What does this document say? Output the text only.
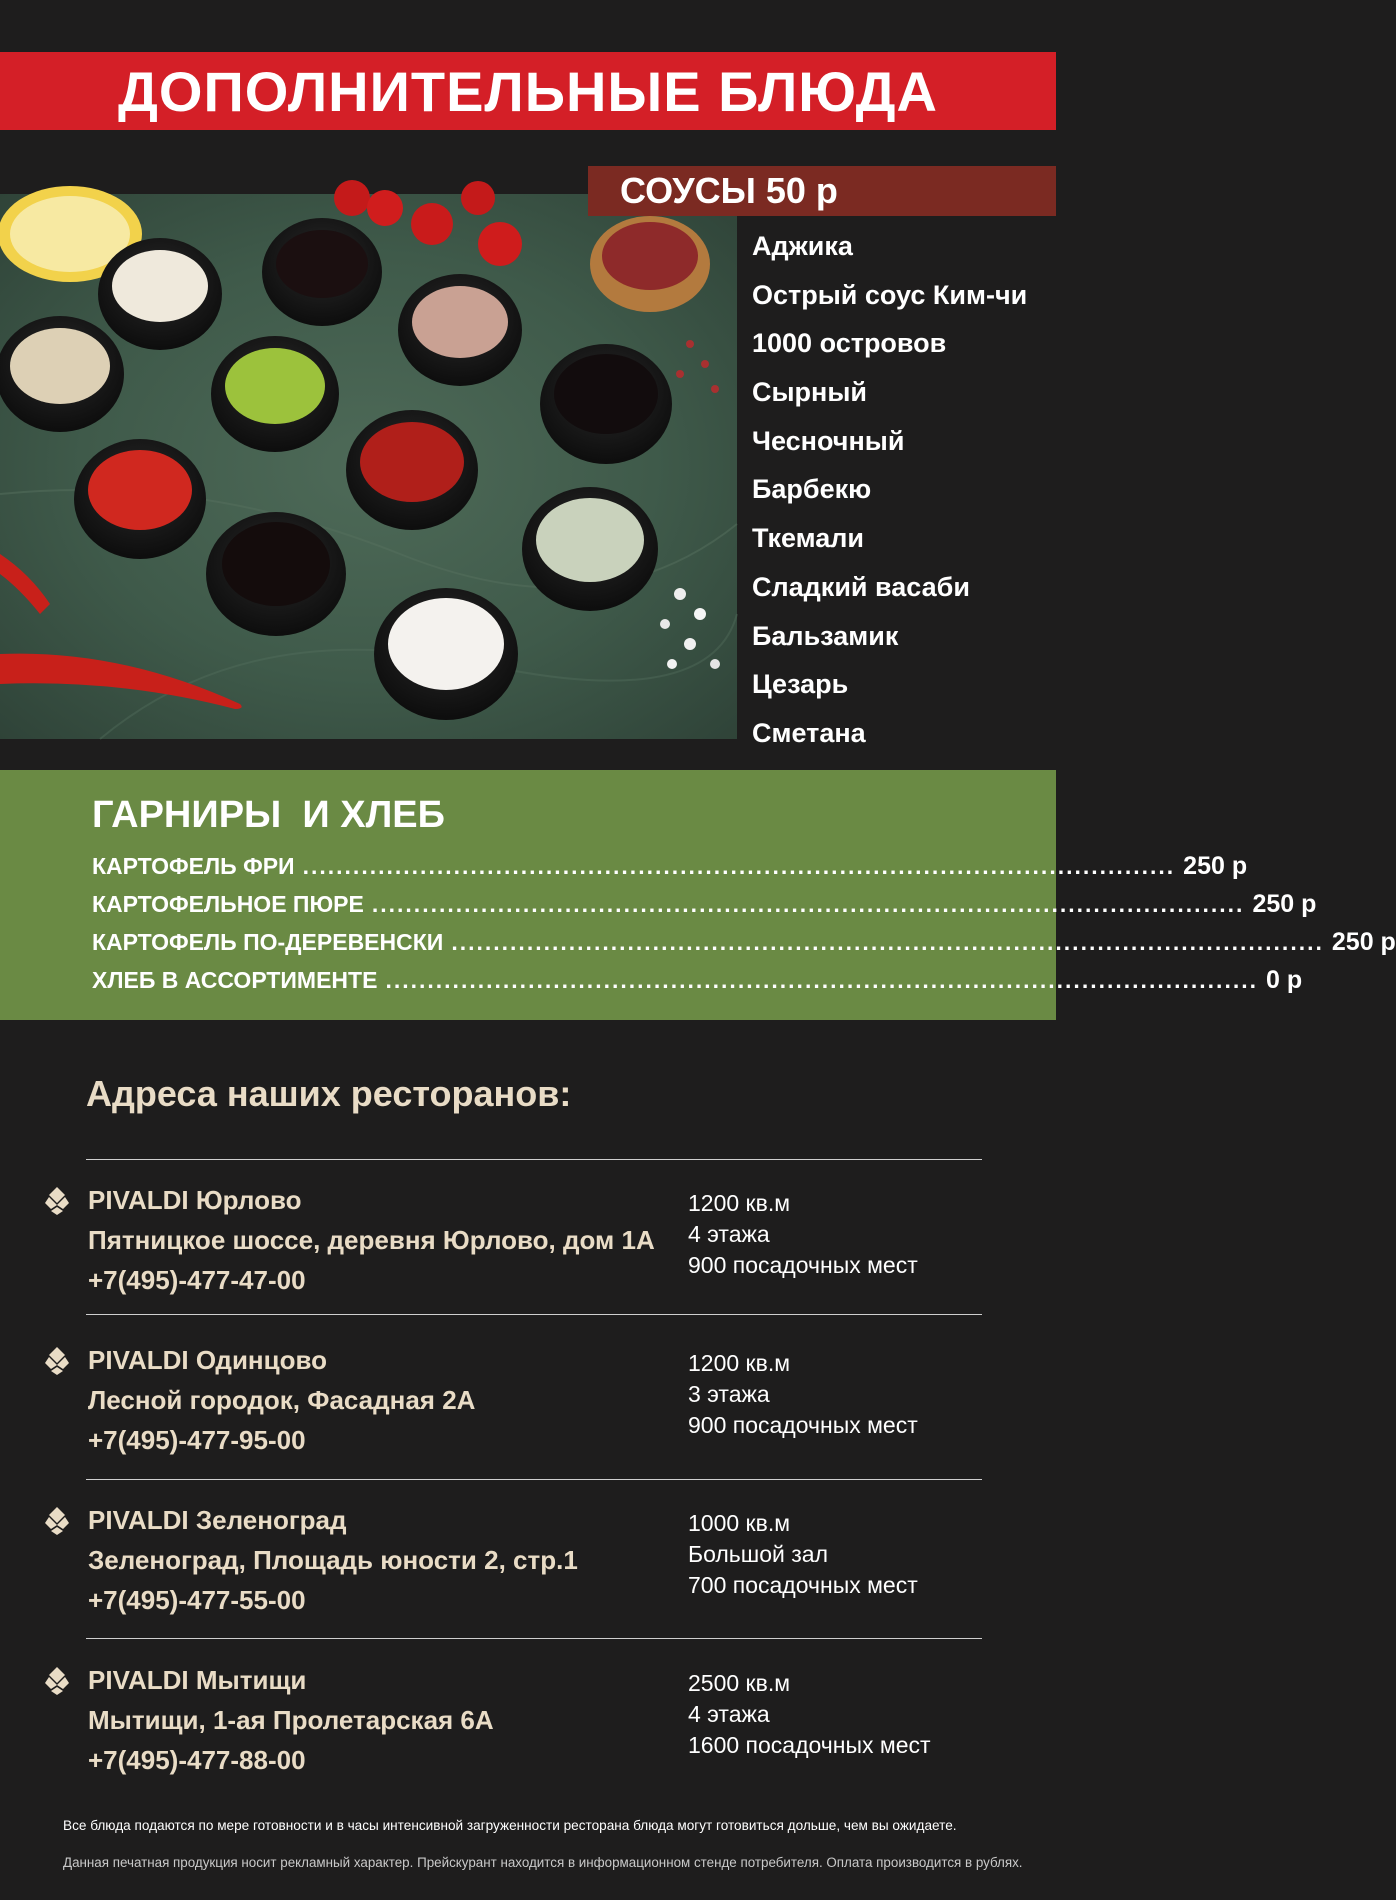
ДОПОЛНИТЕЛЬНЫЕ БЛЮДА
СОУСЫ 50 р
Аджика
Острый соус Ким-чи
1000 островов
Сырный
Чесночный
Барбекю
Ткемали
Сладкий васаби
Бальзамик
Цезарь
Сметана
ГАРНИРЫ  И ХЛЕБ
КАРТОФЕЛЬ ФРИ ........................................................................................................ 250 р
КАРТОФЕЛЬНОЕ ПЮРЕ ........................................................................................................ 250 р
КАРТОФЕЛЬ ПО-ДЕРЕВЕНСКИ ........................................................................................................ 250 р
ХЛЕБ В АССОРТИМЕНТЕ ........................................................................................................ 0 р
Адреса наших ресторанов:
PIVALDI Юрлово
Пятницкое шоссе, деревня Юрлово, дом 1А
+7(495)-477-47-00
1200 кв.м
4 этажа
900 посадочных мест
PIVALDI Одинцово
Лесной городок, Фасадная 2А
+7(495)-477-95-00
1200 кв.м
3 этажа
900 посадочных мест
PIVALDI Зеленоград
Зеленоград, Площадь юности 2, стр.1
+7(495)-477-55-00
1000 кв.м
Большой зал
700 посадочных мест
PIVALDI Мытищи
Мытищи, 1-ая Пролетарская 6А
+7(495)-477-88-00
2500 кв.м
4 этажа
1600 посадочных мест
Все блюда подаются по мере готовности и в часы интенсивной загруженности ресторана блюда могут готовиться дольше, чем вы ожидаете.
Данная печатная продукция носит рекламный характер. Прейскурант находится в информационном стенде потребителя. Оплата производится в рублях.
